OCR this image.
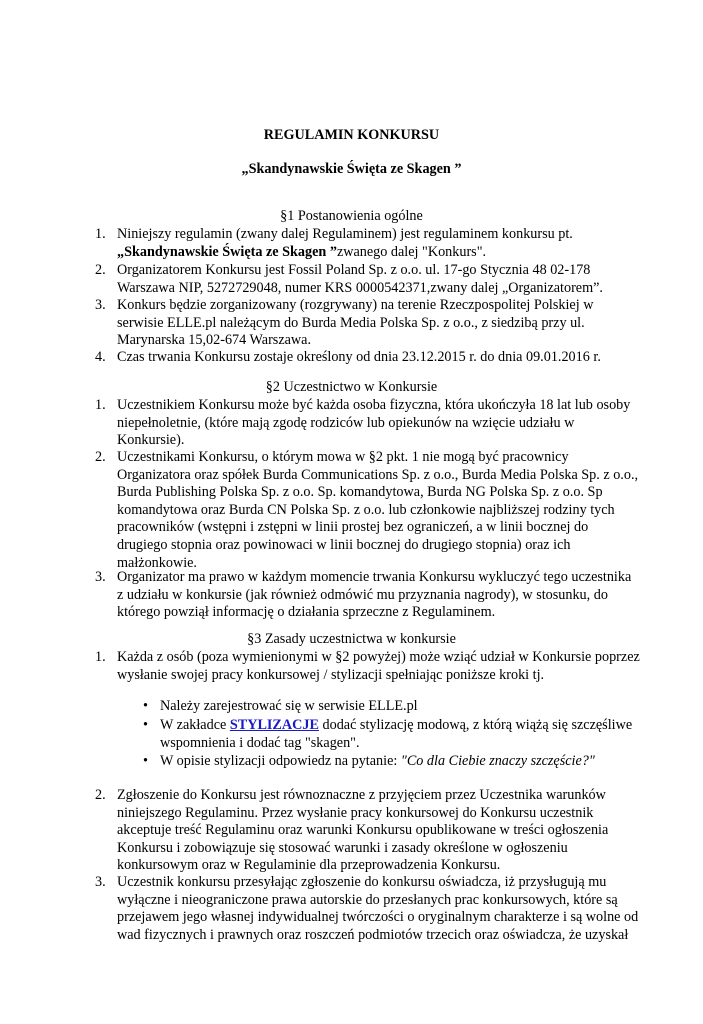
REGULAMIN KONKURSU
„Skandynawskie Święta ze Skagen ”
§1 Postanowienia ogólne
1. Niniejszy regulamin (zwany dalej Regulaminem) jest regulaminem konkursu pt.
„Skandynawskie Święta ze Skagen ”zwanego dalej "Konkurs".
2. Organizatorem Konkursu jest Fossil Poland Sp. z o.o. ul. 17-go Stycznia 48 02-178
Warszawa NIP, 5272729048, numer KRS 0000542371,zwany dalej „Organizatorem”.
3. Konkurs będzie zorganizowany (rozgrywany) na terenie Rzeczpospolitej Polskiej w
serwisie ELLE.pl należącym do Burda Media Polska Sp. z o.o., z siedzibą przy ul.
Marynarska 15,02-674 Warszawa.
4. Czas trwania Konkursu zostaje określony od dnia 23.12.2015 r. do dnia 09.01.2016 r.
§2 Uczestnictwo w Konkursie
1. Uczestnikiem Konkursu może być każda osoba fizyczna, która ukończyła 18 lat lub osoby
niepełnoletnie, (które mają zgodę rodziców lub opiekunów na wzięcie udziału w
Konkursie).
2. Uczestnikami Konkursu, o którym mowa w §2 pkt. 1 nie mogą być pracownicy
Organizatora oraz spółek Burda Communications Sp. z o.o., Burda Media Polska Sp. z o.o.,
Burda Publishing Polska Sp. z o.o. Sp. komandytowa, Burda NG Polska Sp. z o.o. Sp
komandytowa oraz Burda CN Polska Sp. z o.o. lub członkowie najbliższej rodziny tych
pracowników (wstępni i zstępni w linii prostej bez ograniczeń, a w linii bocznej do
drugiego stopnia oraz powinowaci w linii bocznej do drugiego stopnia) oraz ich
małżonkowie.
3. Organizator ma prawo w każdym momencie trwania Konkursu wykluczyć tego uczestnika
z udziału w konkursie (jak również odmówić mu przyznania nagrody), w stosunku, do
którego powziął informację o działania sprzeczne z Regulaminem.
§3 Zasady uczestnictwa w konkursie
1. Każda z osób (poza wymienionymi w §2 powyżej) może wziąć udział w Konkursie poprzez
wysłanie swojej pracy konkursowej / stylizacji spełniając poniższe kroki tj.
• Należy zarejestrować się w serwisie ELLE.pl
• W zakładce STYLIZACJE dodać stylizację modową, z którą wiążą się szczęśliwe
wspomnienia i dodać tag "skagen".
• W opisie stylizacji odpowiedz na pytanie: "Co dla Ciebie znaczy szczęście?"
2. Zgłoszenie do Konkursu jest równoznaczne z przyjęciem przez Uczestnika warunków
niniejszego Regulaminu. Przez wysłanie pracy konkursowej do Konkursu uczestnik
akceptuje treść Regulaminu oraz warunki Konkursu opublikowane w treści ogłoszenia
Konkursu i zobowiązuje się stosować warunki i zasady określone w ogłoszeniu
konkursowym oraz w Regulaminie dla przeprowadzenia Konkursu.
3. Uczestnik konkursu przesyłając zgłoszenie do konkursu oświadcza, iż przysługują mu
wyłączne i nieograniczone prawa autorskie do przesłanych prac konkursowych, które są
przejawem jego własnej indywidualnej twórczości o oryginalnym charakterze i są wolne od
wad fizycznych i prawnych oraz roszczeń podmiotów trzecich oraz oświadcza, że uzyskał
